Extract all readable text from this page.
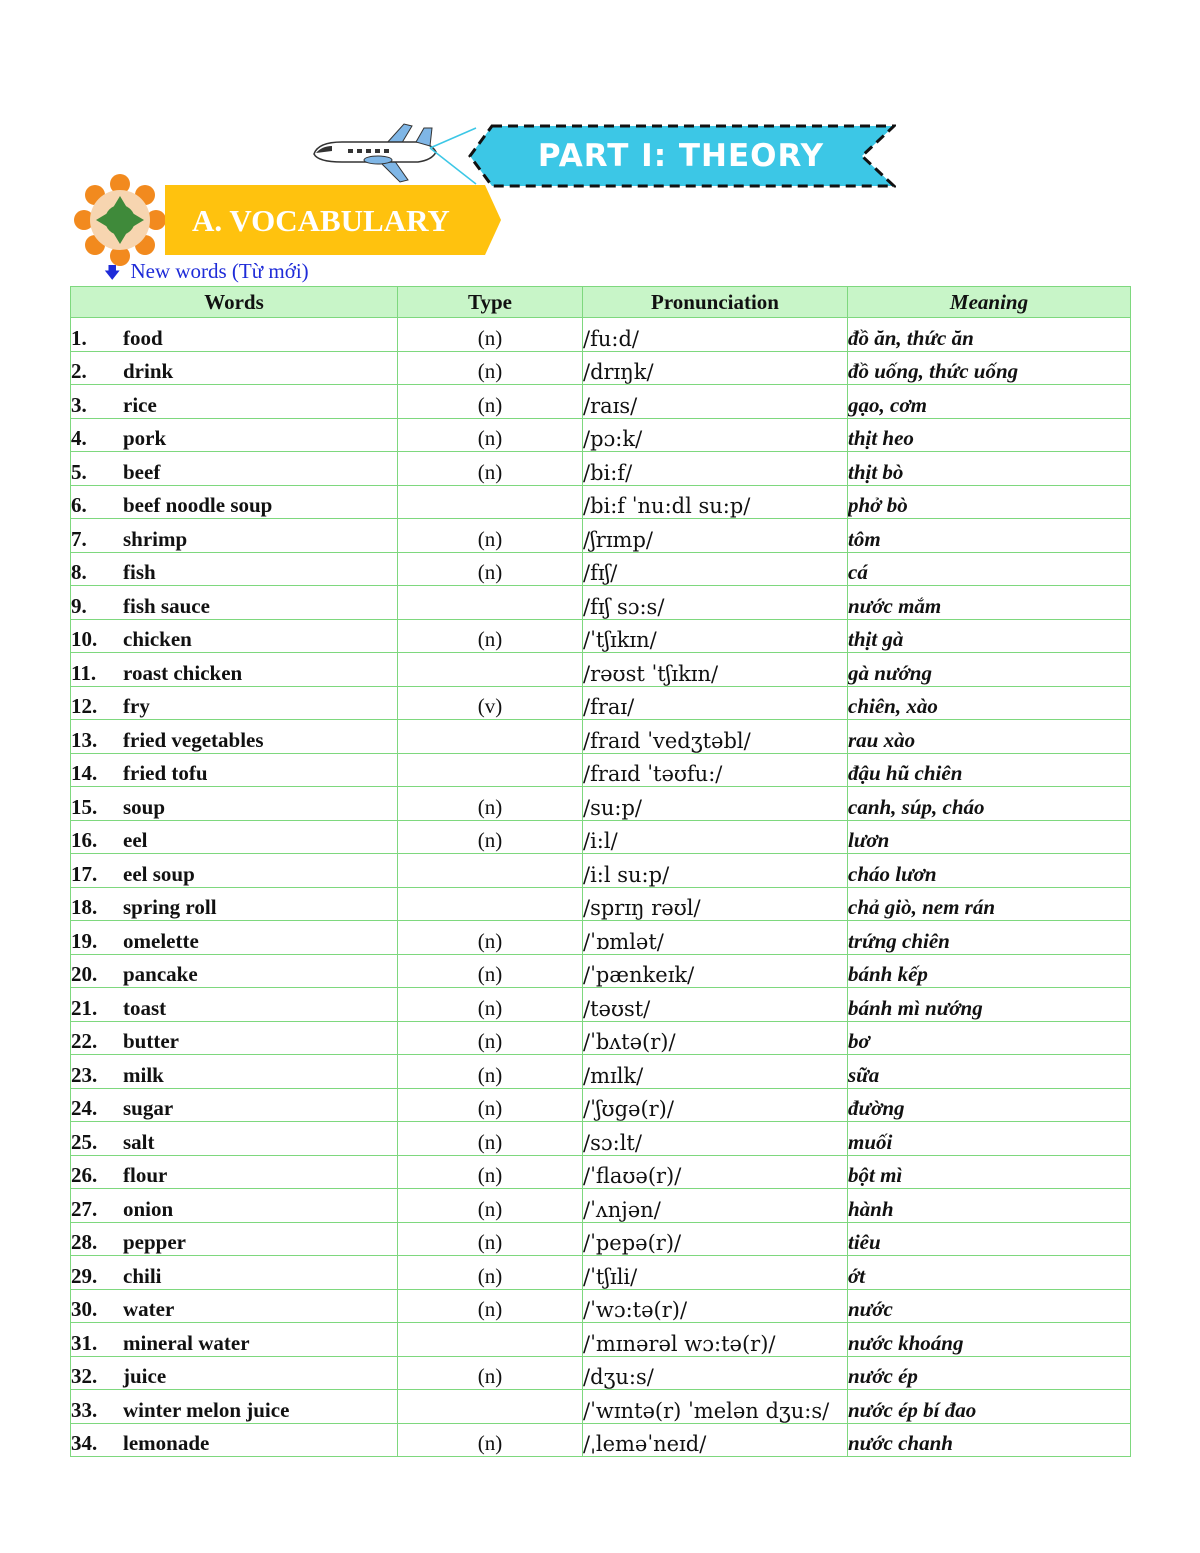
PART I: THEORY
A. VOCABULARY
🡇 New words (Từ mới)
Words	Type	Pronunciation	Meaning
1. food	(n)	/fu:d/	đồ ăn, thức ăn
2. drink	(n)	/drɪŋk/	đồ uống, thức uống
3. rice	(n)	/raɪs/	gạo, cơm
4. pork	(n)	/pɔ:k/	thịt heo
5. beef	(n)	/bi:f/	thịt bò
6. beef noodle soup		/bi:f ˈnu:dl su:p/	phở bò
7. shrimp	(n)	/ʃrɪmp/	tôm
8. fish	(n)	/fɪʃ/	cá
9. fish sauce		/fɪʃ sɔ:s/	nước mắm
10. chicken	(n)	/ˈtʃɪkɪn/	thịt gà
11. roast chicken		/rəʊst ˈtʃɪkɪn/	gà nướng
12. fry	(v)	/fraɪ/	chiên, xào
13. fried vegetables		/fraɪd ˈvedʒtəbl/	rau xào
14. fried tofu		/fraɪd ˈtəʊfu:/	đậu hũ chiên
15. soup	(n)	/su:p/	canh, súp, cháo
16. eel	(n)	/i:l/	lươn
17. eel soup		/i:l su:p/	cháo lươn
18. spring roll		/sprɪŋ rəʊl/	chả giò, nem rán
19. omelette	(n)	/ˈɒmlət/	trứng chiên
20. pancake	(n)	/ˈpænkeɪk/	bánh kếp
21. toast	(n)	/təʊst/	bánh mì nướng
22. butter	(n)	/ˈbʌtə(r)/	bơ
23. milk	(n)	/mɪlk/	sữa
24. sugar	(n)	/ˈʃʊgə(r)/	đường
25. salt	(n)	/sɔ:lt/	muối
26. flour	(n)	/ˈflaʊə(r)/	bột mì
27. onion	(n)	/ˈʌnjən/	hành
28. pepper	(n)	/ˈpepə(r)/	tiêu
29. chili	(n)	/ˈtʃɪli/	ớt
30. water	(n)	/ˈwɔ:tə(r)/	nước
31. mineral water		/ˈmɪnərəl wɔ:tə(r)/	nước khoáng
32. juice	(n)	/dʒu:s/	nước ép
33. winter melon juice		/ˈwɪntə(r) ˈmelən dʒu:s/	nước ép bí đao
34. lemonade	(n)	/ˌleməˈneɪd/	nước chanh
